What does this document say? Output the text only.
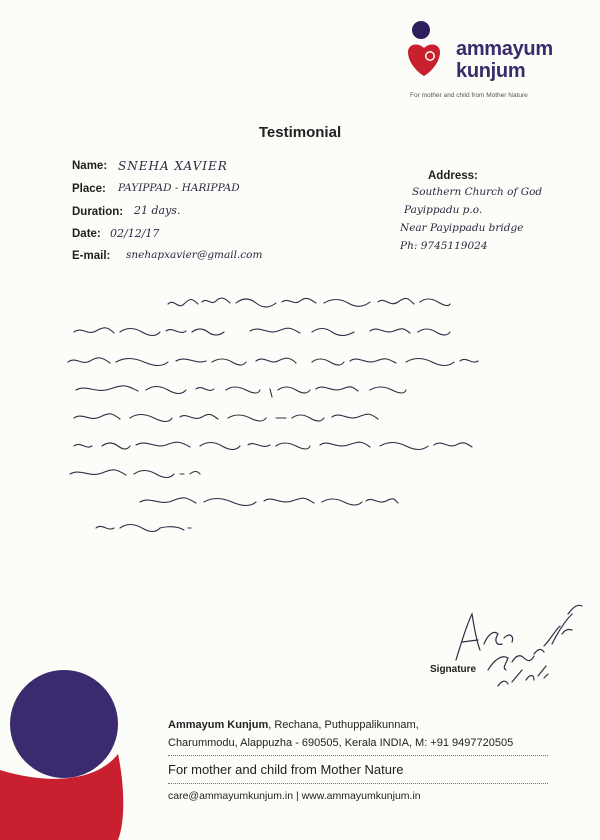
ammayum
kunjum
For mother and child from Mother Nature
Testimonial
Name: SNEHA XAVIER
Place: PAYIPPAD - HARIPPAD
Duration: 21 days.
Date: 02/12/17
E-mail: snehapxavier@gmail.com
Address:
Southern Church of God
Payippadu p.o.
Near Payippadu bridge
Ph: 9745119024
Signature
Ammayum Kunjum, Rechana, Puthuppalikunnam,
Charummodu, Alappuzha - 690505, Kerala INDIA, M: +91 9497720505
For mother and child from Mother Nature
care@ammayumkunjum.in | www.ammayumkunjum.in
